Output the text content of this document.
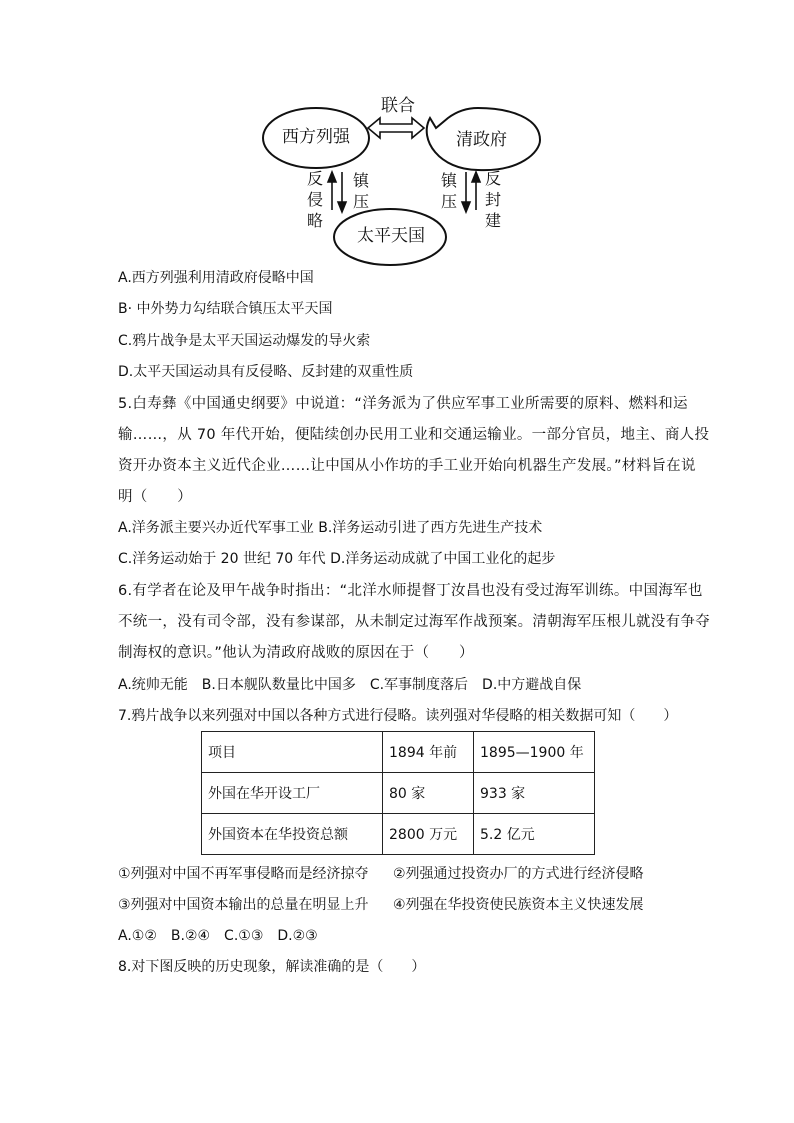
西方列强	清政府
太平天国
联合
反侵略
镇压
镇压
反封建
A.西方列强利用清政府侵略中国
B· 中外势力勾结联合镇压太平天国
C.鸦片战争是太平天国运动爆发的导火索
D.太平天国运动具有反侵略、反封建的双重性质
5.白寿彝《中国通史纲要》中说道：“洋务派为了供应军事工业所需要的原料、燃料和运
输……，从 70 年代开始，便陆续创办民用工业和交通运输业。一部分官员，地主、商人投
资开办资本主义近代企业……让中国从小作坊的手工业开始向机器生产发展。”材料旨在说
明（　　）
A.洋务派主要兴办近代军事工业 B.洋务运动引进了西方先进生产技术
C.洋务运动始于 20 世纪 70 年代 D.洋务运动成就了中国工业化的起步
6.有学者在论及甲午战争时指出：“北洋水师提督丁汝昌也没有受过海军训练。中国海军也
不统一，没有司令部，没有参谋部，从未制定过海军作战预案。清朝海军压根儿就没有争夺
制海权的意识。”他认为清政府战败的原因在于（　　）
A.统帅无能　B.日本舰队数量比中国多　C.军事制度落后　D.中方避战自保
7.鸦片战争以来列强对中国以各种方式进行侵略。读列强对华侵略的相关数据可知（　　）
项目	1894 年前	1895—1900 年
外国在华开设工厂	80 家	933 家
外国资本在华投资总额	2800 万元	5.2 亿元
①列强对中国不再军事侵略而是经济掠夺 ②列强通过投资办厂的方式进行经济侵略
③列强对中国资本输出的总量在明显上升 ④列强在华投资使民族资本主义快速发展
A.①②　B.②④　C.①③　D.②③
8.对下图反映的历史现象，解读准确的是（　　）
